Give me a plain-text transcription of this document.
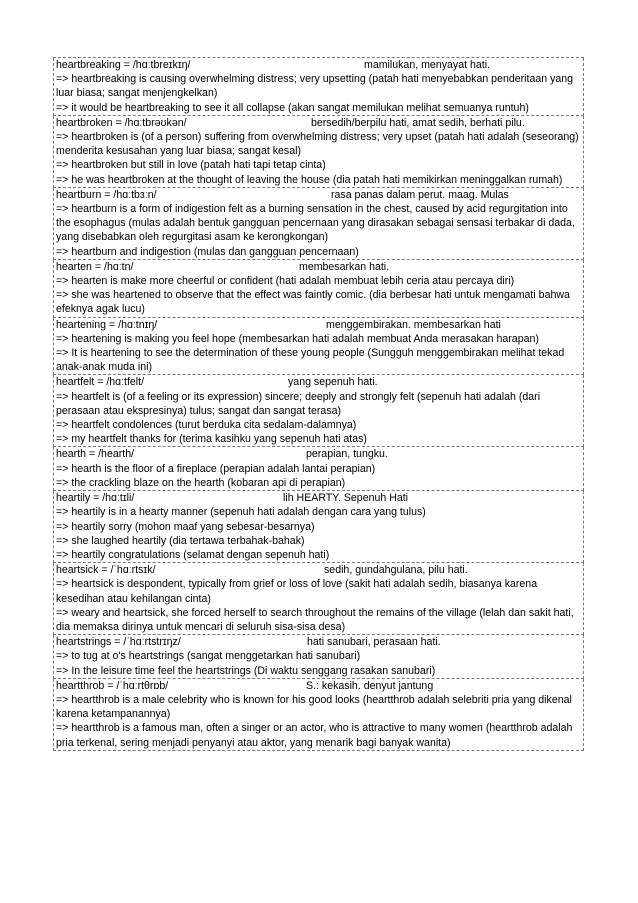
heartbreaking = /hɑːtbreɪkɪŋ/	mamilukan, menyayat hati.
=> heartbreaking is causing overwhelming distress; very upsetting (patah hati menyebabkan penderitaan yang luar biasa; sangat menjengkelkan)
=> it would be heartbreaking to see it all collapse (akan sangat memilukan melihat semuanya runtuh)
heartbroken = /hɑːtbrəʊkən/	bersedih/berpilu hati, amat sedih, berhati pilu.
=> heartbroken is (of a person) suffering from overwhelming distress; very upset (patah hati adalah (seseorang) menderita kesusahan yang luar biasa; sangat kesal)
=> heartbroken but still in love (patah hati tapi tetap cinta)
=> he was heartbroken at the thought of leaving the house (dia patah hati memikirkan meninggalkan rumah)
heartburn = /hɑːtbɜːn/	rasa panas dalam perut. maag. Mulas
=> heartburn is a form of indigestion felt as a burning sensation in the chest, caused by acid regurgitation into the esophagus (mulas adalah bentuk gangguan pencernaan yang dirasakan sebagai sensasi terbakar di dada, yang disebabkan oleh regurgitasi asam ke kerongkongan)
=> heartburn and indigestion (mulas dan gangguan pencernaan)
hearten = /hɑːtn/	membesarkan hati.
=> hearten is make more cheerful or confident (hati adalah membuat lebih ceria atau percaya diri)
=> she was heartened to observe that the effect was faintly comic. (dia berbesar hati untuk mengamati bahwa efeknya agak lucu)
heartening = /hɑːtnɪŋ/	menggembirakan. membesarkan hati
=> heartening is making you feel hope (membesarkan hati adalah membuat Anda merasakan harapan)
=> It is heartening to see the determination of these young people (Sungguh menggembirakan melihat tekad anak-anak muda ini)
heartfelt = /hɑːtfelt/	yang sepenuh hati.
=> heartfelt is (of a feeling or its expression) sincere; deeply and strongly felt (sepenuh hati adalah (dari perasaan atau ekspresinya) tulus; sangat dan sangat terasa)
=> heartfelt condolences (turut berduka cita sedalam-dalamnya)
=> my heartfelt thanks for (terima kasihku yang sepenuh hati atas)
hearth = /hearth/	perapian, tungku.
=> hearth is the floor of a fireplace (perapian adalah lantai perapian)
=> the crackling blaze on the hearth (kobaran api di perapian)
heartily = /hɑːtɪli/	lih HEARTY. Sepenuh Hati
=> heartily is in a hearty manner (sepenuh hati adalah dengan cara yang tulus)
=> heartily sorry (mohon maaf yang sebesar-besarnya)
=> she laughed heartily (dia tertawa terbahak-bahak)
=> heartily congratulations (selamat dengan sepenuh hati)
heartsick = /ˈhɑːrtsɪk/	sedih, gundahgulana, pilu hati.
=> heartsick is despondent, typically from grief or loss of love (sakit hati adalah sedih, biasanya karena kesedihan atau kehilangan cinta)
=> weary and heartsick, she forced herself to search throughout the remains of the village (lelah dan sakit hati, dia memaksa dirinya untuk mencari di seluruh sisa-sisa desa)
heartstrings = /ˈhɑːrtstrɪŋz/	hati sanubari, perasaan hati.
=> to tug at o's heartstrings (sangat menggetarkan hati sanubari)
=> In the leisure time feel the heartstrings (Di waktu senggang rasakan sanubari)
heartthrob = /ˈhɑːrtθrɒb/	S.: kekasih. denyut jantung
=> heartthrob is a male celebrity who is known for his good looks (heartthrob adalah selebriti pria yang dikenal karena ketampanannya)
=> heartthrob is a famous man, often a singer or an actor, who is attractive to many women (heartthrob adalah pria terkenal, sering menjadi penyanyi atau aktor, yang menarik bagi banyak wanita)
